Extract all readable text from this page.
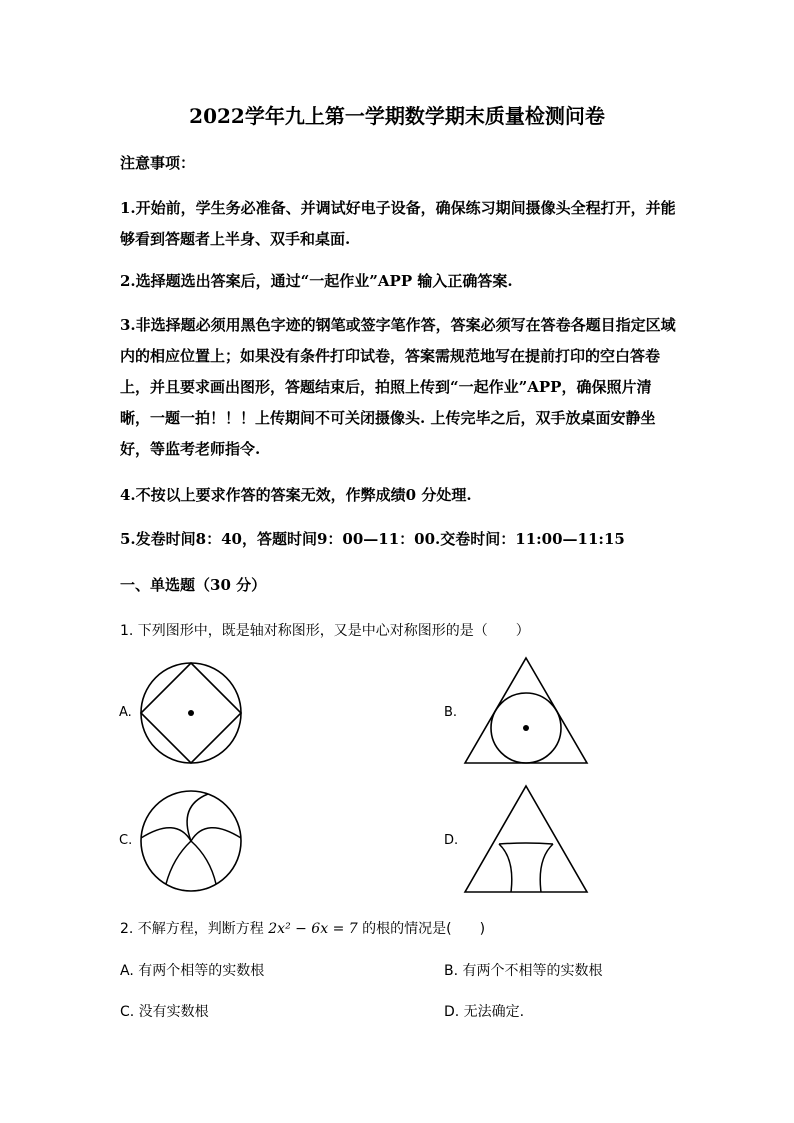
2022学年九上第一学期数学期末质量检测问卷
注意事项：
1.开始前，学生务必准备、并调试好电子设备，确保练习期间摄像头全程打开，并能够看到答题者上半身、双手和桌面.
2.选择题选出答案后，通过“一起作业”APP 输入正确答案.
3.非选择题必须用黑色字迹的钢笔或签字笔作答，答案必须写在答卷各题目指定区域内的相应位置上；如果没有条件打印试卷，答案需规范地写在提前打印的空白答卷上，并且要求画出图形，答题结束后，拍照上传到“一起作业”APP，确保照片清晰，一题一拍！！！上传期间不可关闭摄像头. 上传完毕之后，双手放桌面安静坐好，等监考老师指令.
4.不按以上要求作答的答案无效，作弊成绩0 分处理.
5.发卷时间8：40，答题时间9：00—11：00.交卷时间：11:00—11:15
一、单选题（30 分）
1. 下列图形中，既是轴对称图形，又是中心对称图形的是（　　）
A.	B.
C.	D.
2. 不解方程，判断方程 2x² − 6x = 7 的根的情况是(　　)
A. 有两个相等的实数根	B. 有两个不相等的实数根
C. 没有实数根	D. 无法确定.
